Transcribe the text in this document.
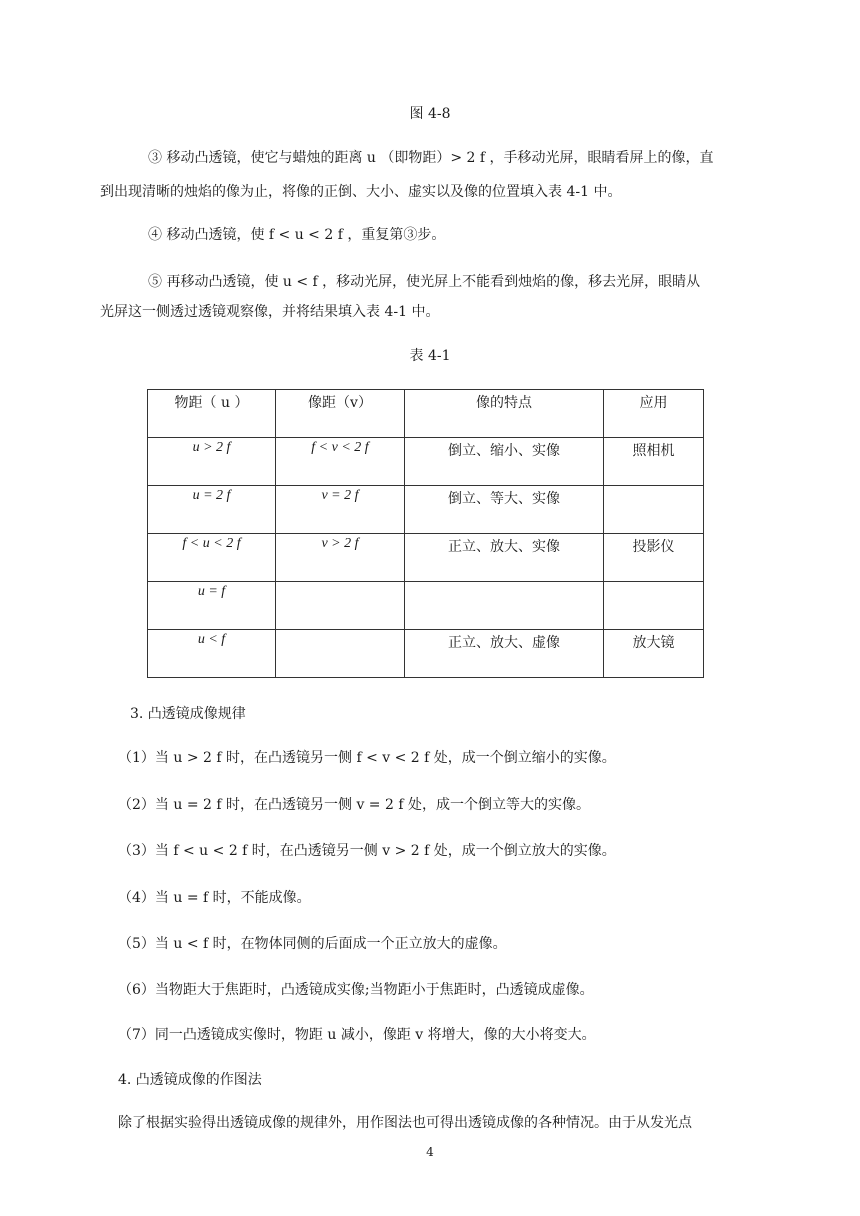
图 4-8
③ 移动凸透镜，使它与蜡烛的距离 u （即物距）> 2 f ，手移动光屏，眼睛看屏上的像，直
到出现清晰的烛焰的像为止，将像的正倒、大小、虚实以及像的位置填入表 4-1 中。
④ 移动凸透镜，使 f < u < 2 f ，重复第③步。
⑤ 再移动凸透镜，使 u < f ，移动光屏，使光屏上不能看到烛焰的像，移去光屏，眼睛从
光屏这一侧透过透镜观察像，并将结果填入表 4-1 中。
表 4-1
物距（ u ）	像距（v）	像的特点	应用
u > 2 f	f < v < 2 f	倒立、缩小、实像	照相机
u = 2 f	v = 2 f	倒立、等大、实像	
f < u < 2 f	v > 2 f	正立、放大、实像	投影仪
u = f			
u < f		正立、放大、虚像	放大镜
3. 凸透镜成像规律
（1）当 u > 2 f 时，在凸透镜另一侧 f < v < 2 f 处，成一个倒立缩小的实像。
（2）当 u = 2 f 时，在凸透镜另一侧 v = 2 f 处，成一个倒立等大的实像。
（3）当 f < u < 2 f 时，在凸透镜另一侧 v > 2 f 处，成一个倒立放大的实像。
（4）当 u = f 时，不能成像。
（5）当 u < f 时，在物体同侧的后面成一个正立放大的虚像。
（6）当物距大于焦距时，凸透镜成实像;当物距小于焦距时，凸透镜成虚像。
（7）同一凸透镜成实像时，物距 u 减小，像距 v 将增大，像的大小将变大。
4. 凸透镜成像的作图法
除了根据实验得出透镜成像的规律外，用作图法也可得出透镜成像的各种情况。由于从发光点
4
